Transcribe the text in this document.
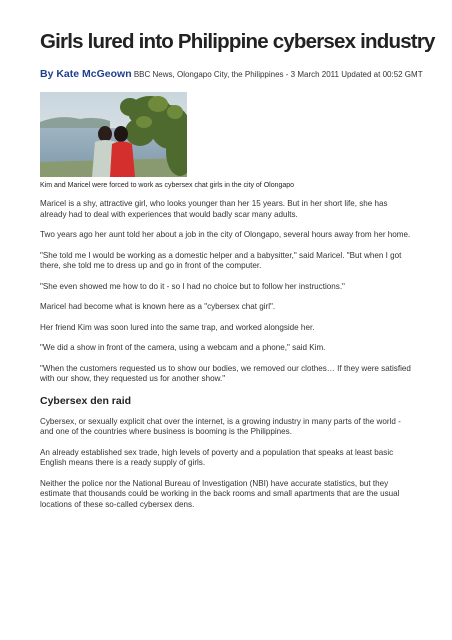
Girls lured into Philippine cybersex industry
By Kate McGeown BBC News, Olongapo City, the Philippines - 3 March 2011 Updated at 00:52 GMT
Kim and Maricel were forced to work as cybersex chat girls in the city of Olongapo

Maricel is a shy, attractive girl, who looks younger than her 15 years. But in her short life, she has already had to deal with experiences that would badly scar many adults.

Two years ago her aunt told her about a job in the city of Olongapo, several hours away from her home.

"She told me I would be working as a domestic helper and a babysitter," said Maricel. "But when I got there, she told me to dress up and go in front of the computer.

"She even showed me how to do it - so I had no choice but to follow her instructions."

Maricel had become what is known here as a "cybersex chat girl".

Her friend Kim was soon lured into the same trap, and worked alongside her.

"We did a show in front of the camera, using a webcam and a phone," said Kim.

"When the customers requested us to show our bodies, we removed our clothes… If they were satisfied with our show, they requested us for another show."

Cybersex den raid

Cybersex, or sexually explicit chat over the internet, is a growing industry in many parts of the world - and one of the countries where business is booming is the Philippines.

An already established sex trade, high levels of poverty and a population that speaks at least basic English means there is a ready supply of girls.

Neither the police nor the National Bureau of Investigation (NBI) have accurate statistics, but they estimate that thousands could be working in the back rooms and small apartments that are the usual locations of these so-called cybersex dens.
